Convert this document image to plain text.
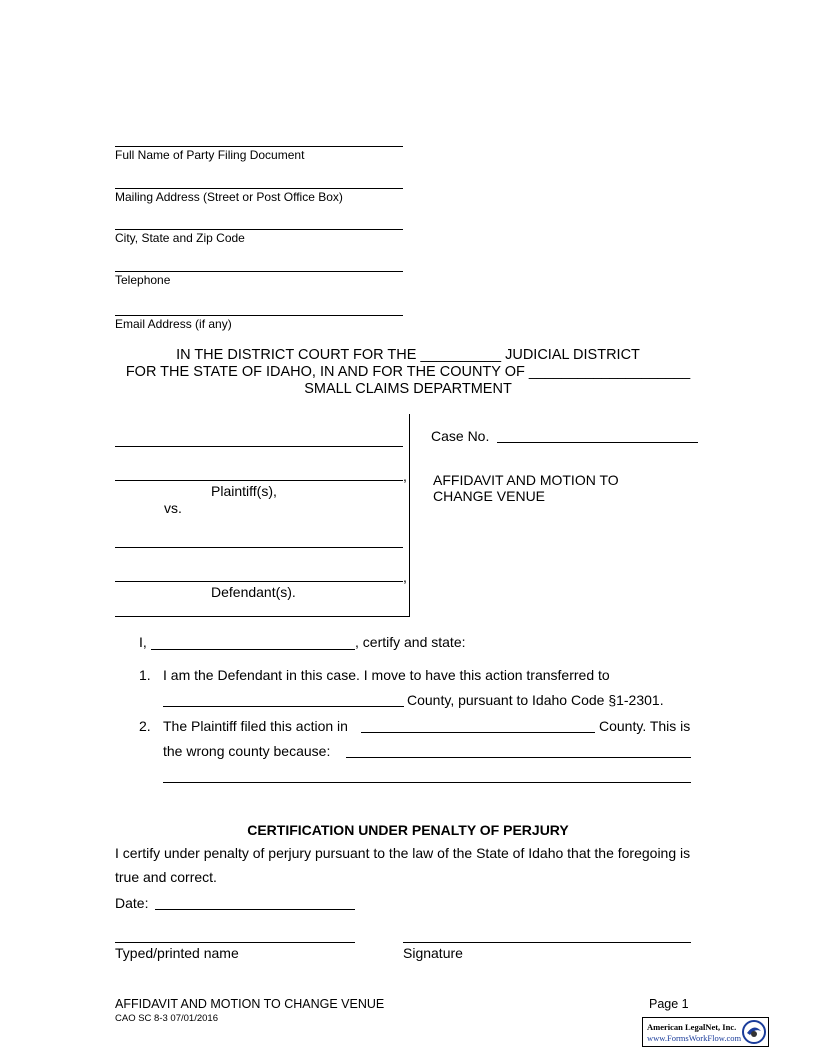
Full Name of Party Filing Document
Mailing Address (Street or Post Office Box)
City, State and Zip Code
Telephone
Email Address (if any)
IN THE DISTRICT COURT FOR THE __________ JUDICIAL DISTRICT
FOR THE STATE OF IDAHO, IN AND FOR THE COUNTY OF ____________________
SMALL CLAIMS DEPARTMENT
,
Plaintiff(s),
vs.
,
Defendant(s).
Case No.
AFFIDAVIT AND MOTION TO
CHANGE VENUE
I,	, certify and state:
1. I am the Defendant in this case. I move to have this action transferred to
County, pursuant to Idaho Code §1-2301.
2. The Plaintiff filed this action in	County. This is
the wrong county because:
CERTIFICATION UNDER PENALTY OF PERJURY
I certify under penalty of perjury pursuant to the law of the State of Idaho that the foregoing is
true and correct.
Date:
Typed/printed name	Signature
AFFIDAVIT AND MOTION TO CHANGE VENUE
CAO SC 8-3 07/01/2016
Page 1
American LegalNet, Inc.
www.FormsWorkFlow.com
